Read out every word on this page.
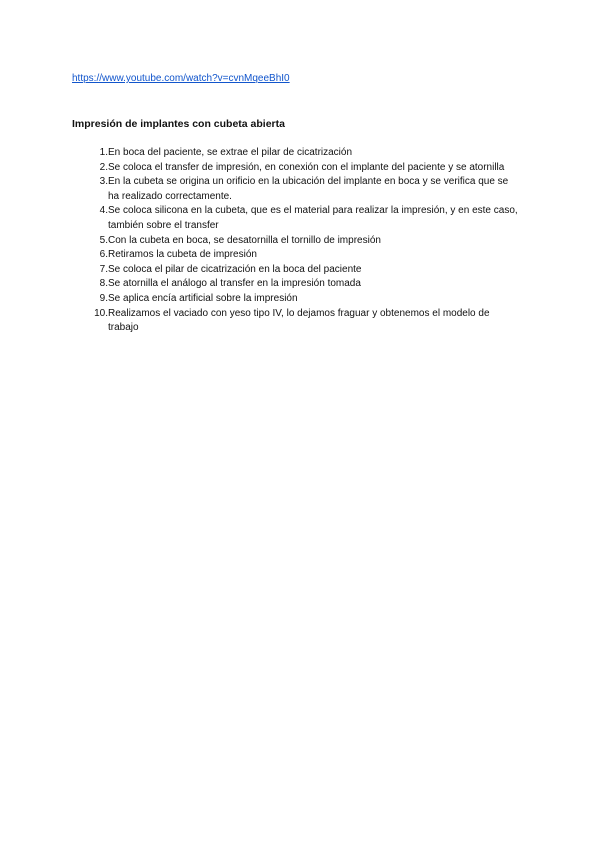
https://www.youtube.com/watch?v=cvnMqeeBhI0
Impresión de implantes con cubeta abierta
1. En boca del paciente, se extrae el pilar de cicatrización
2. Se coloca el transfer de impresión, en conexión con el implante del paciente y se atornilla
3. En la cubeta se origina un orificio en la ubicación del implante en boca y se verifica que se ha realizado correctamente.
4. Se coloca silicona en la cubeta, que es el material para realizar la impresión, y en este caso, también sobre el transfer
5. Con la cubeta en boca, se desatornilla el tornillo de impresión
6. Retiramos la cubeta de impresión
7. Se coloca el pilar de cicatrización en la boca del paciente
8. Se atornilla el análogo al transfer en la impresión tomada
9. Se aplica encía artificial sobre la impresión
10. Realizamos el vaciado con yeso tipo IV, lo dejamos fraguar y obtenemos el modelo de trabajo
